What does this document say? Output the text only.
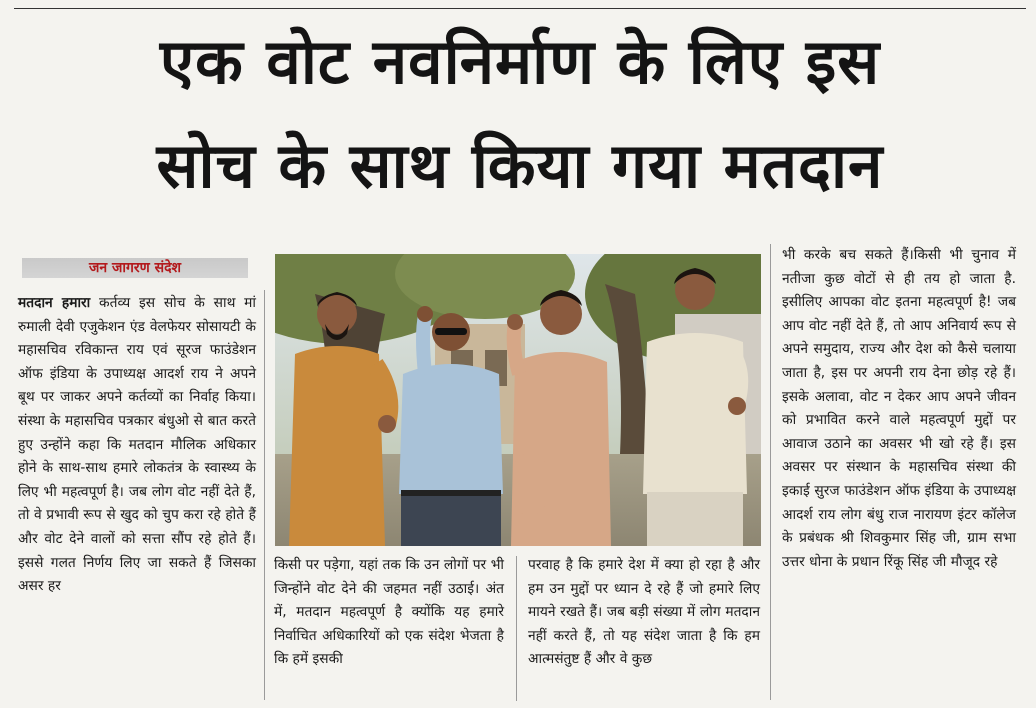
एक वोट नवनिर्माण के लिए इस
सोच के साथ किया गया मतदान
जन जागरण संदेश

मतदान हमारा कर्तव्य इस सोच के साथ मां रुमाली देवी एजुकेशन एंड वेलफेयर सोसायटी के महासचिव रविकान्त राय एवं सूरज फाउंडेशन ऑफ इंडिया के उपाध्यक्ष आदर्श राय ने अपने बूथ पर जाकर अपने कर्तव्यों का निर्वाह किया। संस्था के महासचिव पत्रकार बंधुओ से बात करते हुए उन्होंने कहा कि मतदान मौलिक अधिकार होने के साथ-साथ हमारे लोकतंत्र के स्वास्थ्य के लिए भी महत्वपूर्ण है। जब लोग वोट नहीं देते हैं, तो वे प्रभावी रूप से खुद को चुप करा रहे होते हैं और वोट देने वालों को सत्ता सौंप रहे होते हैं। इससे गलत निर्णय लिए जा सकते हैं जिसका असर हर

किसी पर पड़ेगा, यहां तक कि उन लोगों पर भी जिन्होंने वोट देने की जहमत नहीं उठाई। अंत में, मतदान महत्वपूर्ण है क्योंकि यह हमारे निर्वाचित अधिकारियों को एक संदेश भेजता है कि हमें इसकी

परवाह है कि हमारे देश में क्या हो रहा है और हम उन मुद्दों पर ध्यान दे रहे हैं जो हमारे लिए मायने रखते हैं। जब बड़ी संख्या में लोग मतदान नहीं करते हैं, तो यह संदेश जाता है कि हम आत्मसंतुष्ट हैं और वे कुछ

भी करके बच सकते हैं।किसी भी चुनाव में नतीजा कुछ वोटों से ही तय हो जाता है. इसीलिए आपका वोट इतना महत्वपूर्ण है! जब आप वोट नहीं देते हैं, तो आप अनिवार्य रूप से अपने समुदाय, राज्य और देश को कैसे चलाया जाता है, इस पर अपनी राय देना छोड़ रहे हैं। इसके अलावा, वोट न देकर आप अपने जीवन को प्रभावित करने वाले महत्वपूर्ण मुद्दों पर आवाज उठाने का अवसर भी खो रहे हैं। इस अवसर पर संस्थान के महासचिव संस्था की इकाई सुरज फाउंडेशन ऑफ इंडिया के उपाध्यक्ष आदर्श राय लोग बंधु राज नारायण इंटर कॉलेज के प्रबंधक श्री शिवकुमार सिंह जी, ग्राम सभा उत्तर धोना के प्रधान रिंकू सिंह जी मौजूद रहे
